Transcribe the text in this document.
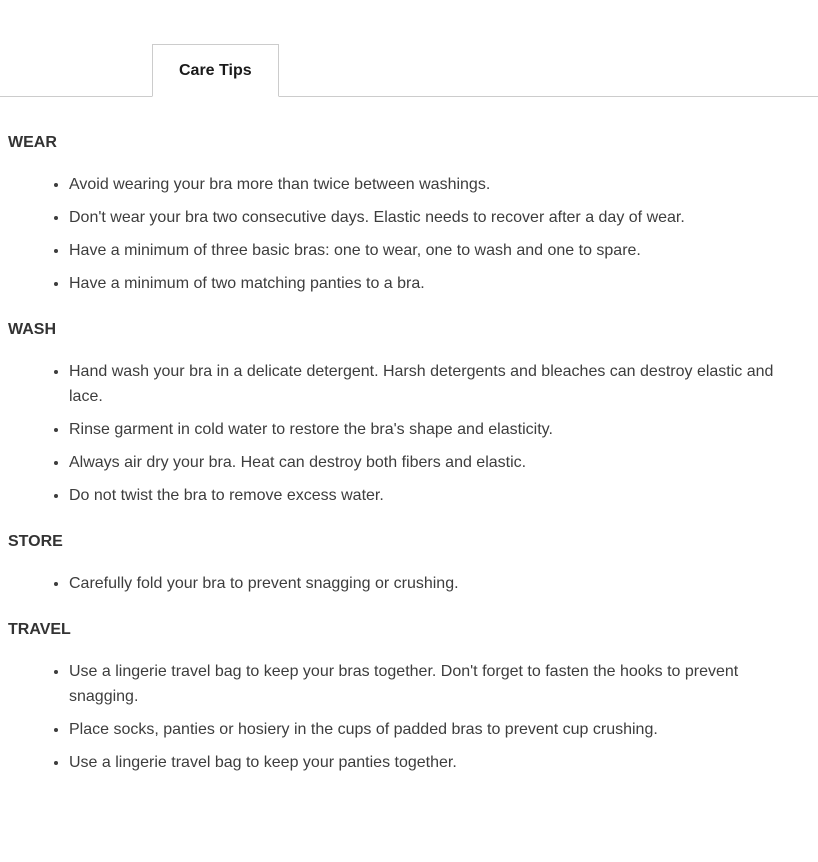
Care Tips
WEAR
• Avoid wearing your bra more than twice between washings.
• Don't wear your bra two consecutive days. Elastic needs to recover after a day of wear.
• Have a minimum of three basic bras: one to wear, one to wash and one to spare.
• Have a minimum of two matching panties to a bra.
WASH
• Hand wash your bra in a delicate detergent. Harsh detergents and bleaches can destroy elastic and lace.
• Rinse garment in cold water to restore the bra's shape and elasticity.
• Always air dry your bra. Heat can destroy both fibers and elastic.
• Do not twist the bra to remove excess water.
STORE
• Carefully fold your bra to prevent snagging or crushing.
TRAVEL
• Use a lingerie travel bag to keep your bras together. Don't forget to fasten the hooks to prevent snagging.
• Place socks, panties or hosiery in the cups of padded bras to prevent cup crushing.
• Use a lingerie travel bag to keep your panties together.
